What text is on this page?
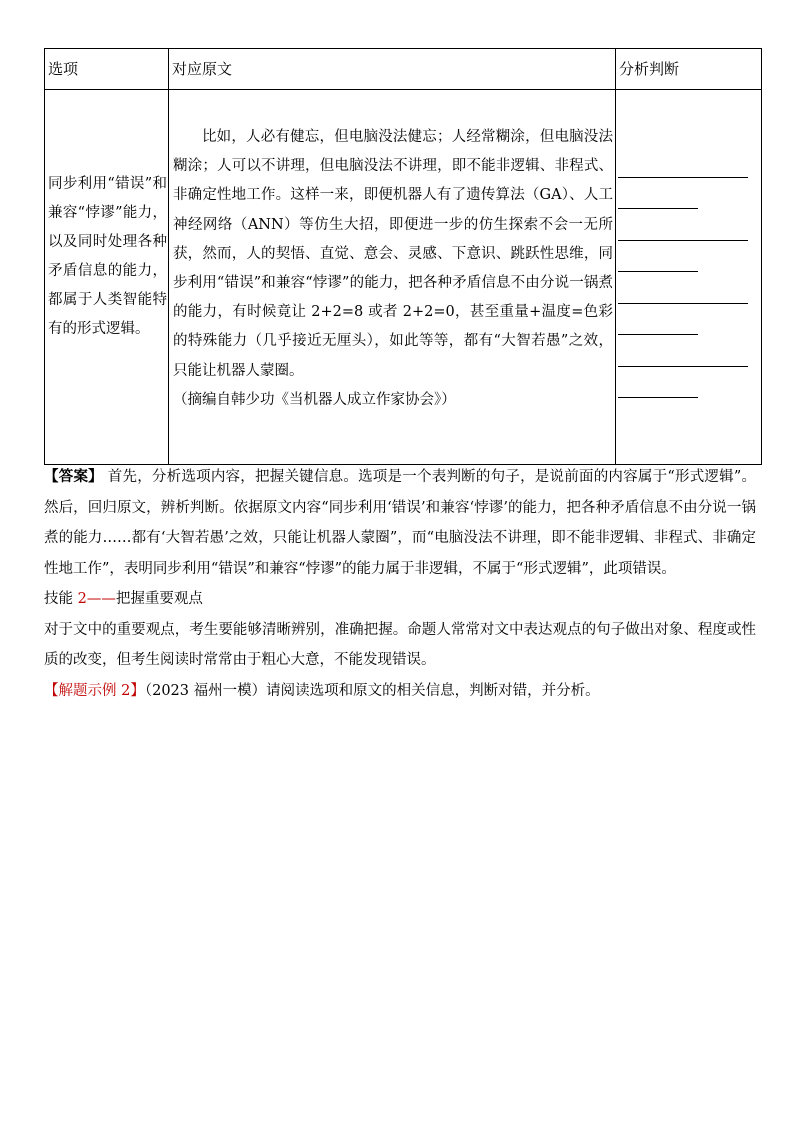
选项	对应原文	分析判断

同步利用“错误”和兼容“悖谬”能力，以及同时处理各种矛盾信息的能力，都属于人类智能特有的形式逻辑。	比如，人必有健忘，但电脑没法健忘；人经常糊涂，但电脑没法糊涂；人可以不讲理，但电脑没法不讲理，即不能非逻辑、非程式、非确定性地工作。这样一来，即便机器人有了遗传算法（GA）、人工神经网络（ANN）等仿生大招，即便进一步的仿生探索不会一无所获，然而，人的契悟、直觉、意会、灵感、下意识、跳跃性思维，同步利用“错误”和兼容“悖谬”的能力，把各种矛盾信息不由分说一锅煮的能力，有时候竟让 2+2=8 或者 2+2=0，甚至重量+温度=色彩的特殊能力（几乎接近无厘头），如此等等，都有“大智若愚”之效，只能让机器人蒙圈。
（摘编自韩少功《当机器人成立作家协会》）	

【答案】 首先，分析选项内容，把握关键信息。选项是一个表判断的句子，是说前面的内容属于“形式逻辑”。然后，回归原文，辨析判断。依据原文内容“同步利用‘错误’和兼容‘悖谬’的能力，把各种矛盾信息不由分说一锅煮的能力……都有‘大智若愚’之效，只能让机器人蒙圈”，而“电脑没法不讲理，即不能非逻辑、非程式、非确定性地工作”，表明同步利用“错误”和兼容“悖谬”的能力属于非逻辑，不属于“形式逻辑”，此项错误。

技能 2——把握重要观点

对于文中的重要观点，考生要能够清晰辨别，准确把握。命题人常常对文中表达观点的句子做出对象、程度或性质的改变，但考生阅读时常常由于粗心大意，不能发现错误。

【解题示例 2】（2023 福州一模）请阅读选项和原文的相关信息，判断对错，并分析。
